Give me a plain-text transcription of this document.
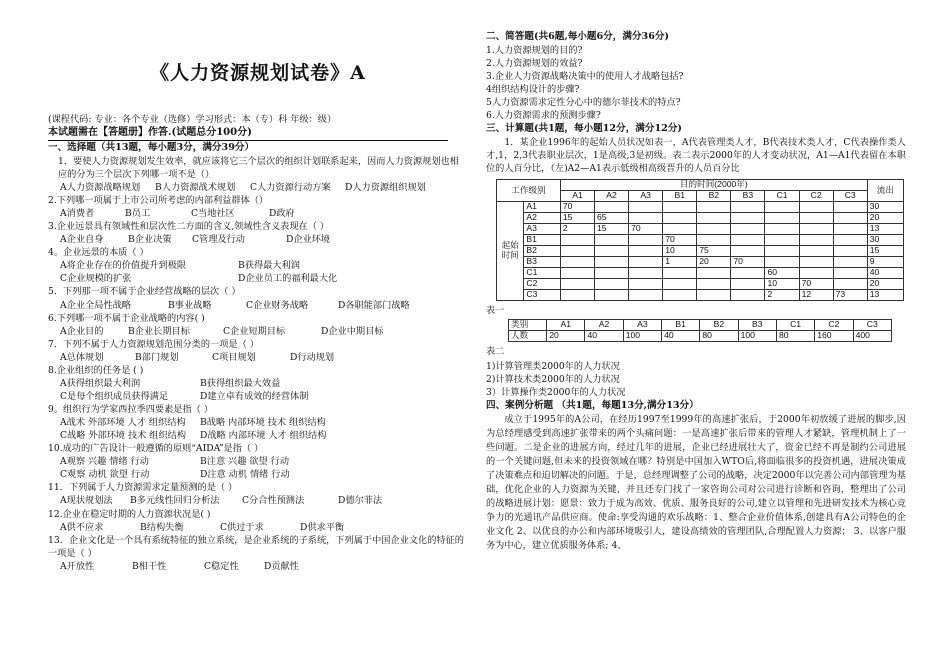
《人力资源规划试卷》A
(课程代码: 专业：各个专业（选修）学习形式：本（专）科 年级：级）
本试题需在【答题册】作答.(试题总分100分)
一、选择题（共13题，每小题3分，满分39分）
1．要使人力资源规划发生效率，就应该将它三个层次的组织计划联系起来，因而人力资源规划也相应的分为三个层次下列哪一项不是（）
A人力资源战略规划 B人力资源战术规划 C人力资源行动方案 D人力资源组织规划
2.下列哪一项属于上市公司所考虑的内部利益群体（）
A消费者	B员工	C当地社区	D政府
3.企业远景具有领域性和层次性二方面的含义,领域性含义表现在（ ）
A企业自身	B企业决策 C管理及行动	D企业环境
4。企业远景的本质（ ）
A将企业存在的价值提升到极限	B获得最大利润
C企业规模的扩张	D企业员工的福利最大化
5．下列那一项不属于企业经营战略的层次（ ）
A企业全局性战略	B事业战略	C企业财务战略	D各职能部门战略
6.下列哪一项不属于企业战略的内容( )
A企业目的	B企业长期目标	C企业短期目标	D企业中期目标
7．下列不属于人力资源规划范围分类的一项是（ ）
A总体规划	B部门规划	C项目规划	D行动规划
8.企业组织的任务是 ( )
A获得组织最大利润	B获得组织最大效益
C是每个组织成员获得满足	D建立卓有成效的经营体制
9。组织行为学家西拉季四要素是指（ ）
A战术 外部环境 人才 组织结构 B战略 内部环境 技术 组织结构
C战略 外部环境 技术 组织结构 D战略 内部环境 人才 组织结构
10.成功的广告设计一般遵循的原则“AIDA”是指（ ）
A观察 兴趣 情绪 行动	B注意 兴趣 欲望 行动
C观察 动机 欲望 行动	D注意 动机 情绪 行动
11．下列属于人力资源需求定量预测的是（ ）
A现状规划法 B多元线性回归分析法 C分合性预测法	D德尔菲法
12.企业在稳定时期的人力资源状况是( )
A供不应求	B结构失衡	C供过于求	D供求平衡
13．企业文化是一个具有系统特征的独立系统，是企业系统的子系统，下列属于中国企业文化的特征的一项是（ ）
A开放性	B相干性	C稳定性	D贡献性
二、简答题(共6题,每小题6分，满分36分)
1.人力资源规划的目的?
2.人力资源规划的效益?
3.企业人力资源战略决策中的使用人才战略包括?
4组织结构设计的步骤?
5人力资源需求定性分心中的德尔菲技术的特点?
6.人力资源需求的预测步骤?
三、计算题(共1题，每小题12分，满分12分)
1．某企业1996年的起始人员状况如表一，A代表管理类人才，B代表技术类人才，C代表操作类人才,1，2,3代表职业层次，1是高级,3是初级。表二表示2000年的人才变动状况，A1—A1代表留在本职位的人百分比，（左)A2—A1表示低级相高级晋升的人员百分比
工作级别		目的时间(2000年)									流出
		A1	A2	A3	B1	B2	B3	C1	C2	C3	
起始时间	A1	70									30
	A2	15	65								20
	A3	2	15	70							13
	B1				70						30
	B2				10	75					15
	B3				1	20	70				9
	C1							60			40
	C2							10	70		20
	C3							2	12	73	13
表一
类别	A1	A2	A3	B1	B2	B3	C1	C2	C3
人数	20	40	100	40	80	100	80	160	400
表二
1)计算管理类2000年的人力状况
2)计算技术类2000年的人力状况
3）计算操作类2000年的人力状况
四、案例分析题 （共1题，每题13分,满分13分）
成立于1995年的A公司，在经历1997至1999年的高速扩张后，于2000年初放缓了进展的脚步,因为总经理感受到高速扩张带来的两个头痛问题：一是高速扩张后带来的管理人才紧缺，管理机制上了一些问题。二是企业的进展方向，经过几年的进展，企业已经进展壮大了，资金已经不再是制约公司进展的一个关键问题,但未来的投资领域在哪？特别是中国加入WTO后,将面临很多的投资机遇，进展决策成了决策难点和迫切解决的问题。于是，总经理调整了公司的战略，决定2000年以完善公司内部管理为基础，优化企业的人力资源为关键，并且还专门找了一家咨询公司对公司进行诊断和咨询，整理出了公司的战略进展计划：愿景：致力于成为高效、优质、服务良好的公司,建立以管理和先进研发技术为核心竞争力的光通讯产品供应商。使命:享受沟通的欢乐战略：1、整合企业价值体系,创建具有A公司特色的企业文化 2、以优良的办公和内部环境吸引人，建设高绩效的管理团队,合理配置人力资源； 3、以客户服务为中心，建立优质服务体系; 4、
